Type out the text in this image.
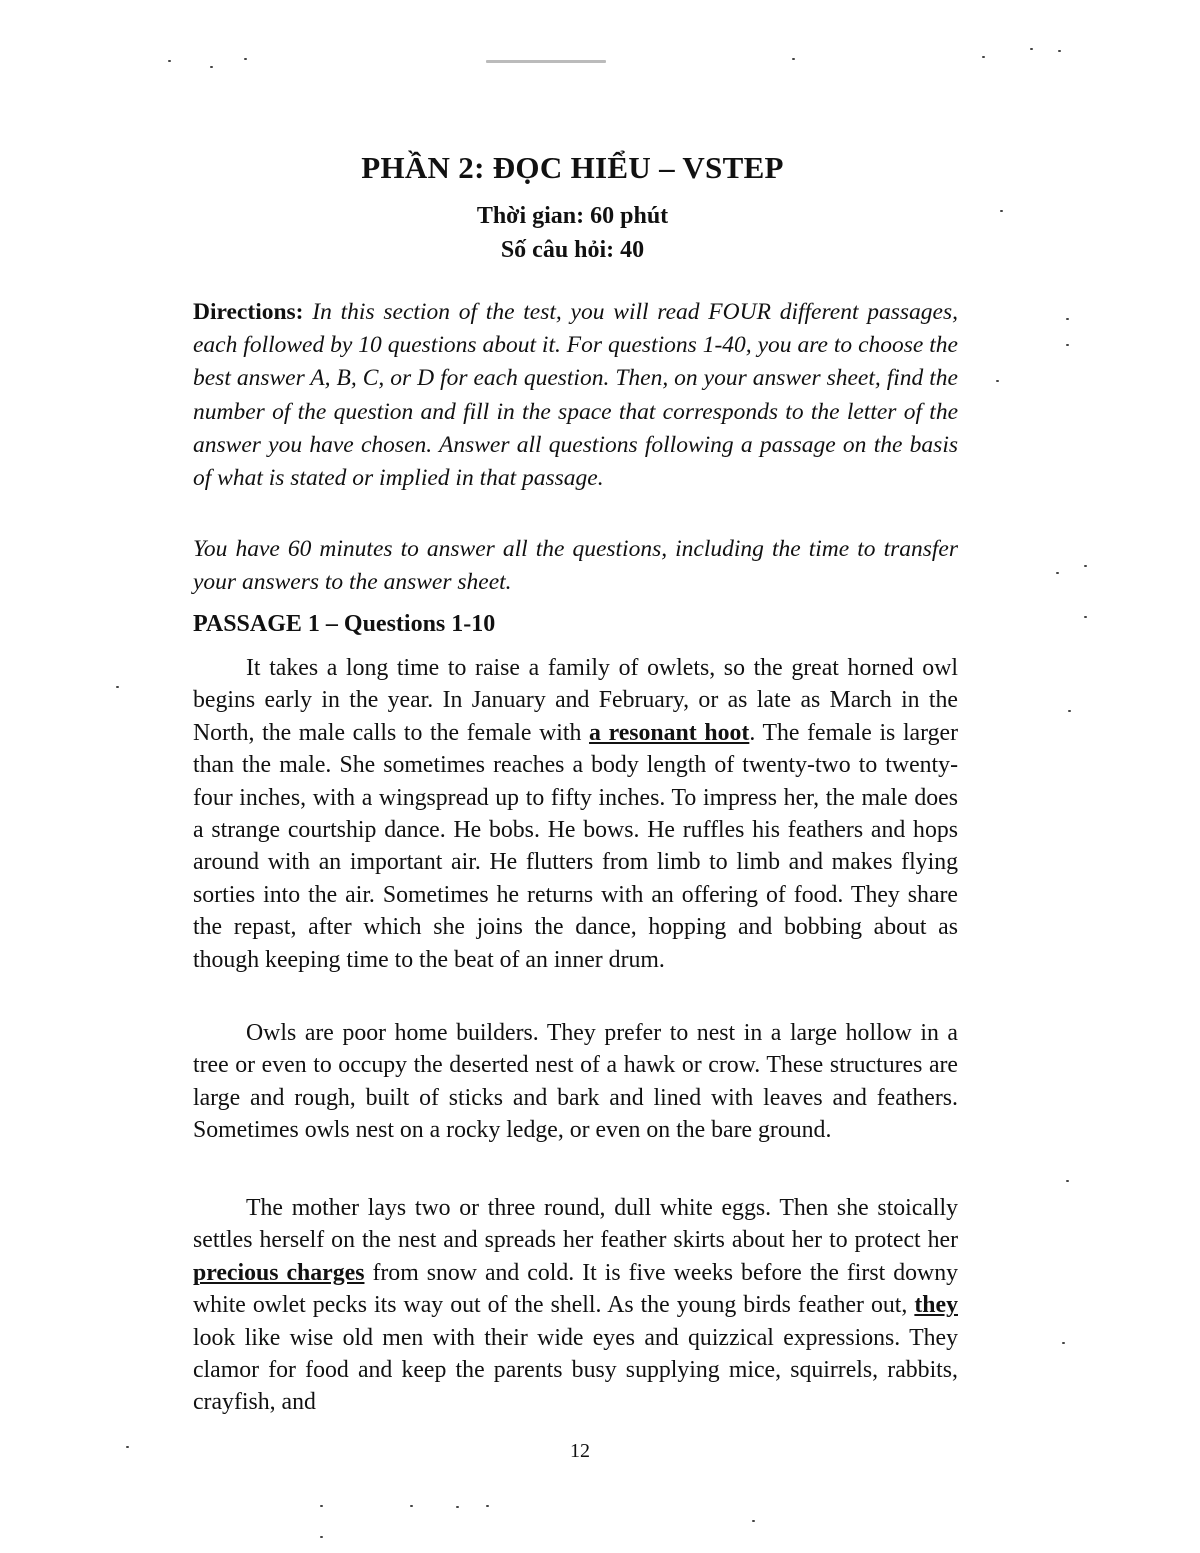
PHẦN 2: ĐỌC HIỂU – VSTEP
Thời gian: 60 phút
Số câu hỏi: 40

Directions: In this section of the test, you will read FOUR different passages, each followed by 10 questions about it. For questions 1-40, you are to choose the best answer A, B, C, or D for each question. Then, on your answer sheet, find the number of the question and fill in the space that corresponds to the letter of the answer you have chosen. Answer all questions following a passage on the basis of what is stated or implied in that passage.

You have 60 minutes to answer all the questions, including the time to transfer your answers to the answer sheet.

PASSAGE 1 – Questions 1-10

It takes a long time to raise a family of owlets, so the great horned owl begins early in the year. In January and February, or as late as March in the North, the male calls to the female with a resonant hoot. The female is larger than the male. She sometimes reaches a body length of twenty-two to twenty-four inches, with a wingspread up to fifty inches. To impress her, the male does a strange courtship dance. He bobs. He bows. He ruffles his feathers and hops around with an important air. He flutters from limb to limb and makes flying sorties into the air. Sometimes he returns with an offering of food. They share the repast, after which she joins the dance, hopping and bobbing about as though keeping time to the beat of an inner drum.

Owls are poor home builders. They prefer to nest in a large hollow in a tree or even to occupy the deserted nest of a hawk or crow. These structures are large and rough, built of sticks and bark and lined with leaves and feathers. Sometimes owls nest on a rocky ledge, or even on the bare ground.

The mother lays two or three round, dull white eggs. Then she stoically settles herself on the nest and spreads her feather skirts about her to protect her precious charges from snow and cold. It is five weeks before the first downy white owlet pecks its way out of the shell. As the young birds feather out, they look like wise old men with their wide eyes and quizzical expressions. They clamor for food and keep the parents busy supplying mice, squirrels, rabbits, crayfish, and

12
